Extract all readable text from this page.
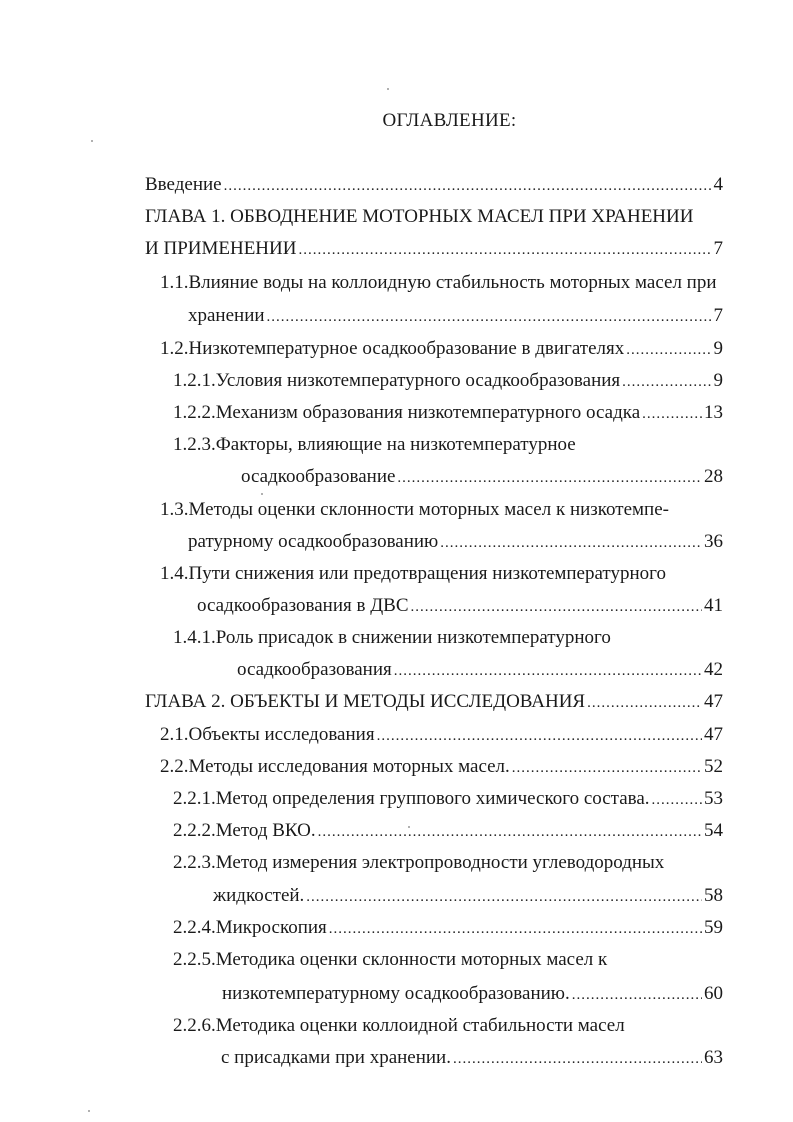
ОГЛАВЛЕНИЕ:
Введение .....	4
ГЛАВА 1. ОБВОДНЕНИЕ МОТОРНЫХ МАСЕЛ ПРИ ХРАНЕНИИ
И ПРИМЕНЕНИИ .....	7
1.1.Влияние воды на коллоидную стабильность моторных масел при
хранении .....	7
1.2.Низкотемпературное осадкообразование в двигателях .....	9
1.2.1.Условия низкотемпературного осадкообразования .....	9
1.2.2.Механизм образования низкотемпературного осадка .....	13
1.2.3.Факторы, влияющие на низкотемпературное
осадкообразование .....	28
1.3.Методы оценки склонности моторных масел к низкотемпе-
ратурному осадкообразованию .....	36
1.4.Пути снижения или предотвращения низкотемпературного
осадкообразования в ДВС .....	41
1.4.1.Роль присадок в снижении низкотемпературного
осадкообразования .....	42
ГЛАВА 2. ОБЪЕКТЫ И МЕТОДЫ ИССЛЕДОВАНИЯ .....	47
2.1.Объекты исследования .....	47
2.2.Методы исследования моторных масел. .....	52
2.2.1.Метод определения группового химического состава. .....	53
2.2.2.Метод ВКО. .....	54
2.2.3.Метод измерения электропроводности углеводородных
жидкостей. .....	58
2.2.4.Микроскопия .....	59
2.2.5.Методика оценки склонности моторных масел к
низкотемпературному осадкообразованию. .....	60
2.2.6.Методика оценки коллоидной стабильности масел
с присадками при хранении. .....	63
